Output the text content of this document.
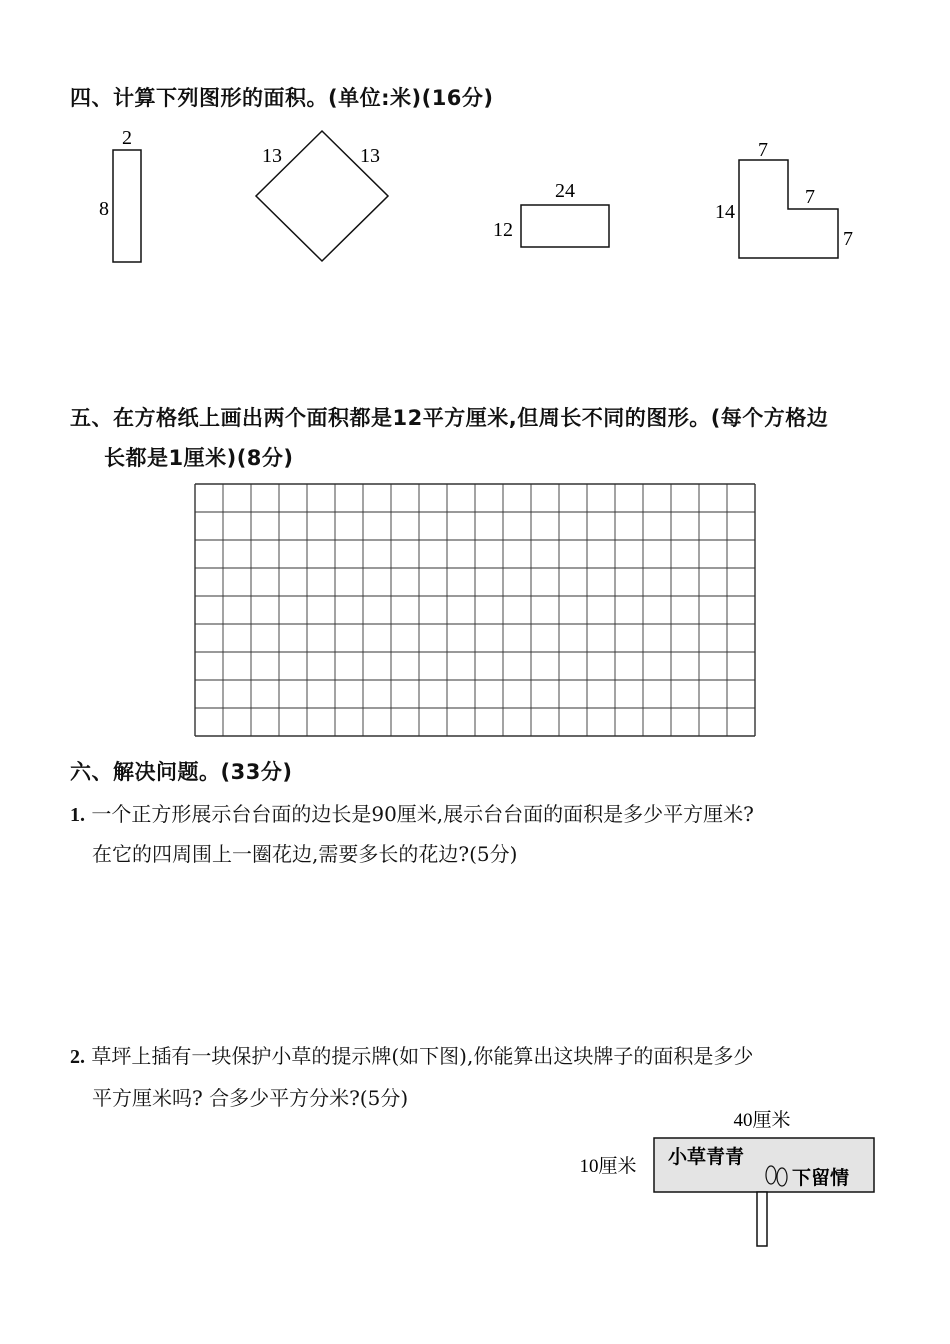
四、计算下列图形的面积。(单位:米)(16分)
2
8
13	13
24
12
7
7
14
7
五、在方格纸上画出两个面积都是12平方厘米,但周长不同的图形。(每个方格边
长都是1厘米)(8分)
六、解决问题。(33分)
1. 一个正方形展示台台面的边长是90厘米,展示台台面的面积是多少平方厘米?
在它的四周围上一圈花边,需要多长的花边?(5分)
2. 草坪上插有一块保护小草的提示牌(如下图),你能算出这块牌子的面积是多少
平方厘米吗? 合多少平方分米?(5分)
40厘米
10厘米 小草青青
下留情
